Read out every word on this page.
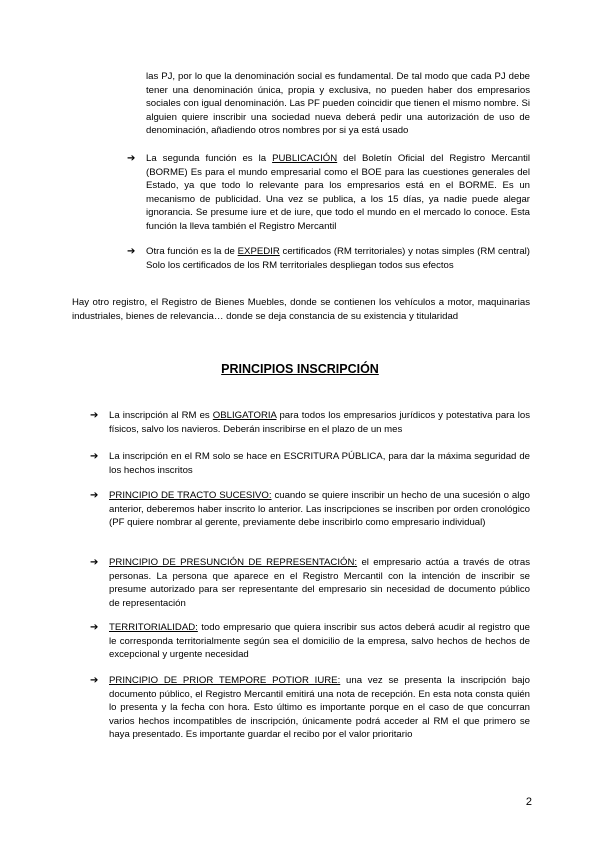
las PJ, por lo que la denominación social es fundamental. De tal modo que cada PJ debe tener una denominación única, propia y exclusiva, no pueden haber dos empresarios sociales con igual denominación. Las PF pueden coincidir que tienen el mismo nombre. Si alguien quiere inscribir una sociedad nueva deberá pedir una autorización de uso de denominación, añadiendo otros nombres por si ya está usado

➔	La segunda función es la PUBLICACIÓN del Boletín Oficial del Registro Mercantil (BORME) Es para el mundo empresarial como el BOE para las cuestiones generales del Estado, ya que todo lo relevante para los empresarios está en el BORME. Es un mecanismo de publicidad. Una vez se publica, a los 15 días, ya nadie puede alegar ignorancia. Se presume iure et de iure, que todo el mundo en el mercado lo conoce. Esta función la lleva también el Registro Mercantil

➔	Otra función es la de EXPEDIR certificados (RM territoriales) y notas simples (RM central) Solo los certificados de los RM territoriales despliegan todos sus efectos

Hay otro registro, el Registro de Bienes Muebles, donde se contienen los vehículos a motor, maquinarias industriales, bienes de relevancia… donde se deja constancia de su existencia y titularidad

PRINCIPIOS INSCRIPCIÓN
➔	La inscripción al RM es OBLIGATORIA para todos los empresarios jurídicos y potestativa para los físicos, salvo los navieros. Deberán inscribirse en el plazo de un mes

➔	La inscripción en el RM solo se hace en ESCRITURA PÚBLICA, para dar la máxima seguridad de los hechos inscritos

➔	PRINCIPIO DE TRACTO SUCESIVO: cuando se quiere inscribir un hecho de una sucesión o algo anterior, deberemos haber inscrito lo anterior. Las inscripciones se inscriben por orden cronológico (PF quiere nombrar al gerente, previamente debe inscribirlo como empresario individual)

➔	PRINCIPIO DE PRESUNCIÓN DE REPRESENTACIÓN: el empresario actúa a través de otras personas. La persona que aparece en el Registro Mercantil con la intención de inscribir se presume autorizado para ser representante del empresario sin necesidad de documento público de representación

➔	TERRITORIALIDAD: todo empresario que quiera inscribir sus actos deberá acudir al registro que le corresponda territorialmente según sea el domicilio de la empresa, salvo hechos de hechos de excepcional y urgente necesidad

➔	PRINCIPIO DE PRIOR TEMPORE POTIOR IURE: una vez se presenta la inscripción bajo documento público, el Registro Mercantil emitirá una nota de recepción. En esta nota consta quién lo presenta y la fecha con hora. Esto último es importante porque en el caso de que concurran varios hechos incompatibles de inscripción, únicamente podrá acceder al RM el que primero se haya presentado. Es importante guardar el recibo por el valor prioritario

2
